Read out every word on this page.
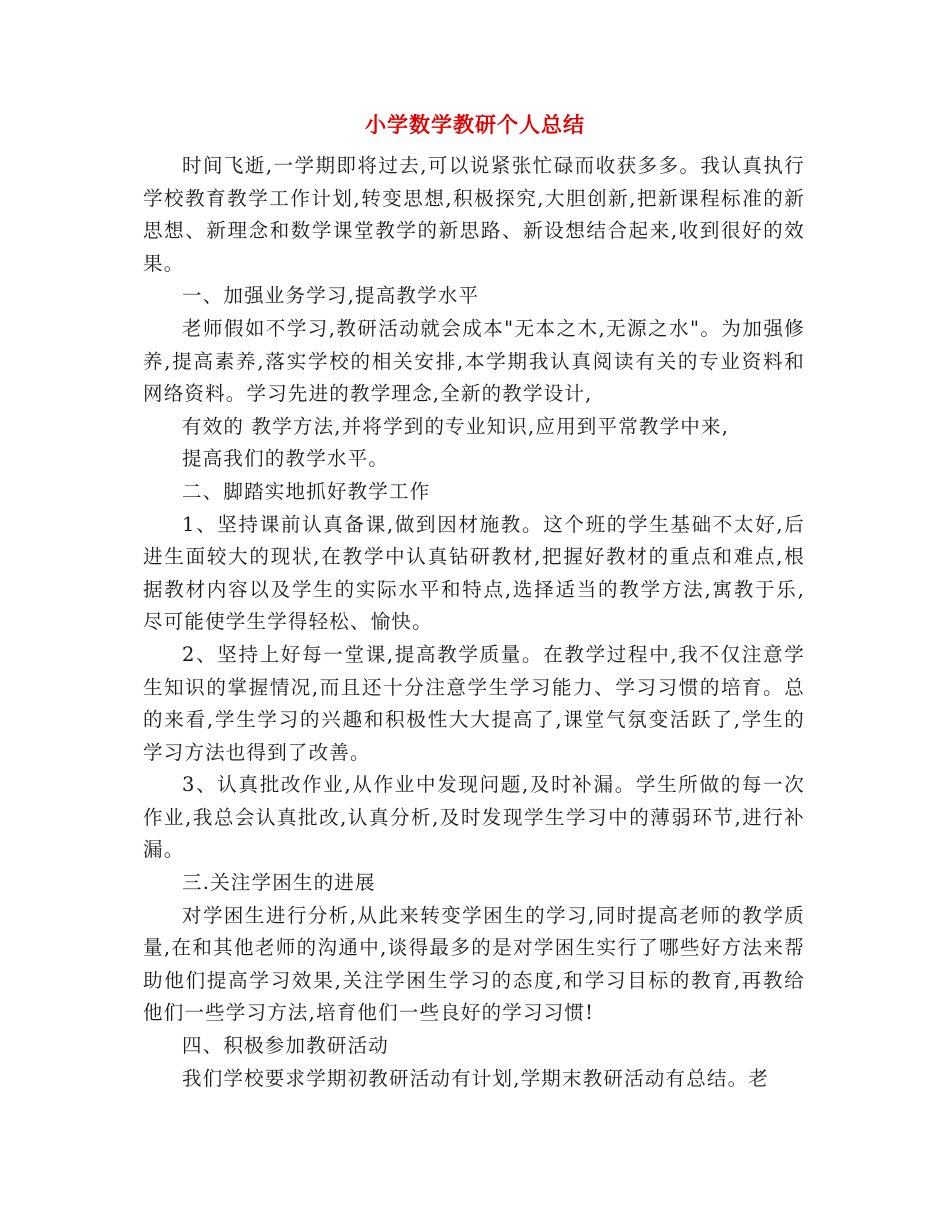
小学数学教研个人总结

时间飞逝,一学期即将过去,可以说紧张忙碌而收获多多。我认真执行学校教育教学工作计划,转变思想,积极探究,大胆创新,把新课程标准的新思想、新理念和数学课堂教学的新思路、新设想结合起来,收到很好的效果。

一、加强业务学习,提高教学水平

老师假如不学习,教研活动就会成本"无本之木,无源之水"。为加强修养,提高素养,落实学校的相关安排,本学期我认真阅读有关的专业资料和网络资料。学习先进的教学理念,全新的教学设计,

有效的 教学方法,并将学到的专业知识,应用到平常教学中来,

提高我们的教学水平。

二、脚踏实地抓好教学工作

1、坚持课前认真备课,做到因材施教。这个班的学生基础不太好,后进生面较大的现状,在教学中认真钻研教材,把握好教材的重点和难点,根据教材内容以及学生的实际水平和特点,选择适当的教学方法,寓教于乐,尽可能使学生学得轻松、愉快。

2、坚持上好每一堂课,提高教学质量。在教学过程中,我不仅注意学生知识的掌握情况,而且还十分注意学生学习能力、学习习惯的培育。总的来看,学生学习的兴趣和积极性大大提高了,课堂气氛变活跃了,学生的学习方法也得到了改善。

3、认真批改作业,从作业中发现问题,及时补漏。学生所做的每一次作业,我总会认真批改,认真分析,及时发现学生学习中的薄弱环节,进行补漏。

三.关注学困生的进展

对学困生进行分析,从此来转变学困生的学习,同时提高老师的教学质量,在和其他老师的沟通中,谈得最多的是对学困生实行了哪些好方法来帮助他们提高学习效果,关注学困生学习的态度,和学习目标的教育,再教给他们一些学习方法,培育他们一些良好的学习习惯!

四、积极参加教研活动

我们学校要求学期初教研活动有计划,学期末教研活动有总结。老
